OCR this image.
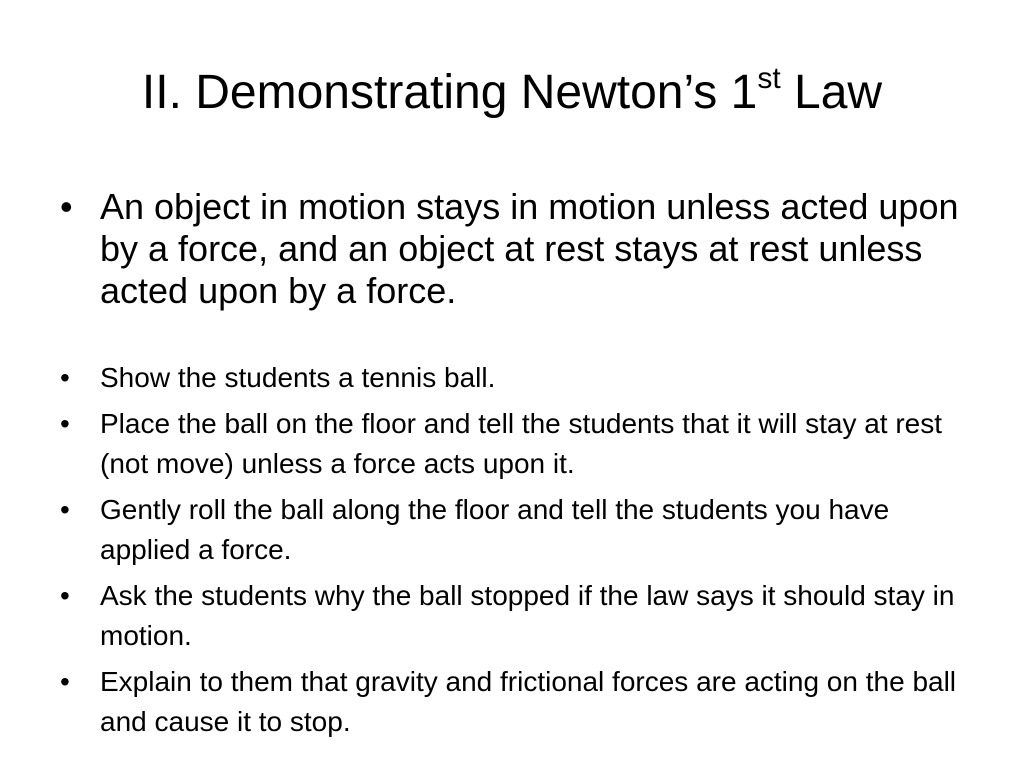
II. Demonstrating Newton’s 1st Law
• An object in motion stays in motion unless acted upon by a force, and an object at rest stays at rest unless acted upon by a force.
• Show the students a tennis ball.
• Place the ball on the floor and tell the students that it will stay at rest (not move) unless a force acts upon it.
• Gently roll the ball along the floor and tell the students you have applied a force.
• Ask the students why the ball stopped if the law says it should stay in motion.
• Explain to them that gravity and frictional forces are acting on the ball and cause it to stop.
